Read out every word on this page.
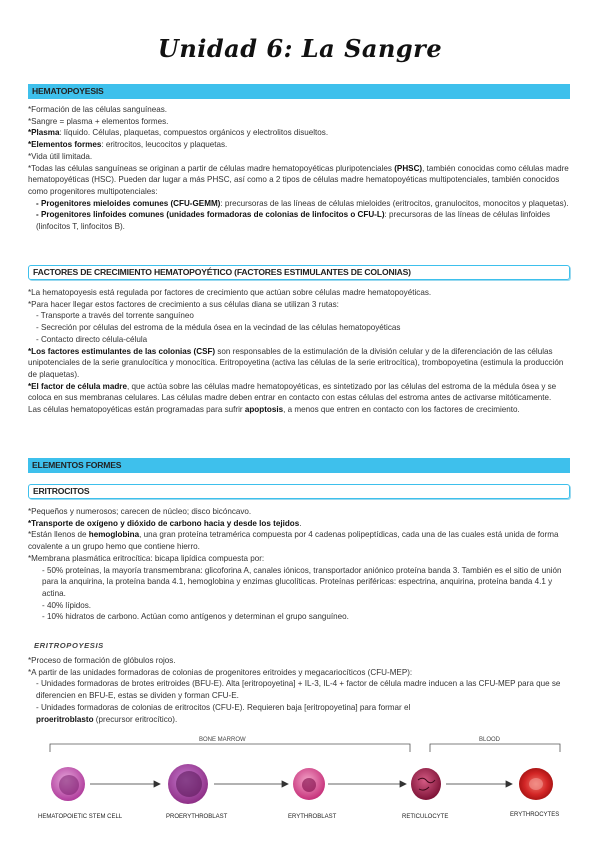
Unidad 6: La Sangre
HEMATOPOYESIS

*Formación de las células sanguíneas.

*Sangre = plasma + elementos formes.

*Plasma: líquido. Células, plaquetas, compuestos orgánicos y electrolitos disueltos.

*Elementos formes: eritrocitos, leucocitos y plaquetas.

*Vida útil limitada.

*Todas las células sanguíneas se originan a partir de células madre hematopoyéticas pluripotenciales (PHSC), también conocidas como células madre hematopoyéticas (HSC). Pueden dar lugar a más PHSC, así como a 2 tipos de células madre hematopoyéticas multipotenciales, también conocidos como progenitores multipotenciales:

- Progenitores mieloides comunes (CFU-GEMM): precursoras de las líneas de células mieloides (eritrocitos, granulocitos, monocitos y plaquetas).

- Progenitores linfoides comunes (unidades formadoras de colonias de linfocitos o CFU-L): precursoras de las líneas de células linfoides (linfocitos T, linfocitos B).

FACTORES DE CRECIMIENTO HEMATOPOYÉTICO (FACTORES ESTIMULANTES DE COLONIAS)

*La hematopoyesis está regulada por factores de crecimiento que actúan sobre células madre hematopoyéticas.

*Para hacer llegar estos factores de crecimiento a sus células diana se utilizan 3 rutas:

- Transporte a través del torrente sanguíneo

- Secreción por células del estroma de la médula ósea en la vecindad de las células hematopoyéticas

- Contacto directo célula-célula

*Los factores estimulantes de las colonias (CSF) son responsables de la estimulación de la división celular y de la diferenciación de las células unipotenciales de la serie granulocítica y monocítica. Eritropoyetina (activa las células de la serie eritrocítica), trombopoyetina (estimula la producción de plaquetas).

*El factor de célula madre, que actúa sobre las células madre hematopoyéticas, es sintetizado por las células del estroma de la médula ósea y se coloca en sus membranas celulares. Las células madre deben entrar en contacto con estas células del estroma antes de activarse mitóticamente.

Las células hematopoyéticas están programadas para sufrir apoptosis, a menos que entren en contacto con los factores de crecimiento.

ELEMENTOS FORMES
ERITROCITOS

*Pequeños y numerosos; carecen de núcleo; disco bicóncavo.

*Transporte de oxígeno y dióxido de carbono hacia y desde los tejidos.

*Están llenos de hemoglobina, una gran proteína tetramérica compuesta por 4 cadenas polipeptídicas, cada una de las cuales está unida de forma covalente a un grupo hemo que contiene hierro.

*Membrana plasmática eritrocítica: bicapa lipídica compuesta por:

- 50% proteínas, la mayoría transmembrana: glicoforina A, canales iónicos, transportador aniónico proteína banda 3. También es el sitio de unión para la anquirina, la proteína banda 4.1, hemoglobina y enzimas glucolíticas. Proteínas periféricas: espectrina, anquirina, proteína banda 4.1 y actina.

- 40% lípidos.

- 10% hidratos de carbono. Actúan como antígenos y determinan el grupo sanguíneo.

ERITROPOYESIS

*Proceso de formación de glóbulos rojos.

*A partir de las unidades formadoras de colonias de progenitores eritroides y megacariocíticos (CFU-MEP):

- Unidades formadoras de brotes eritroides (BFU-E). Alta [eritropoyetina] + IL-3, IL-4 + factor de célula madre inducen a las CFU-MEP para que se diferencien en BFU-E, estas se dividen y forman CFU-E.

- Unidades formadoras de colonias de eritrocitos (CFU-E). Requieren baja [eritropoyetina] para formar el

proeritroblasto (precursor eritrocítico).

BONE MARROW	BLOOD
HEMATOPOIETIC STEM CELL	PROERYTHROBLAST	ERYTHROBLAST	RETICULOCYTE	ERYTHROCYTES
